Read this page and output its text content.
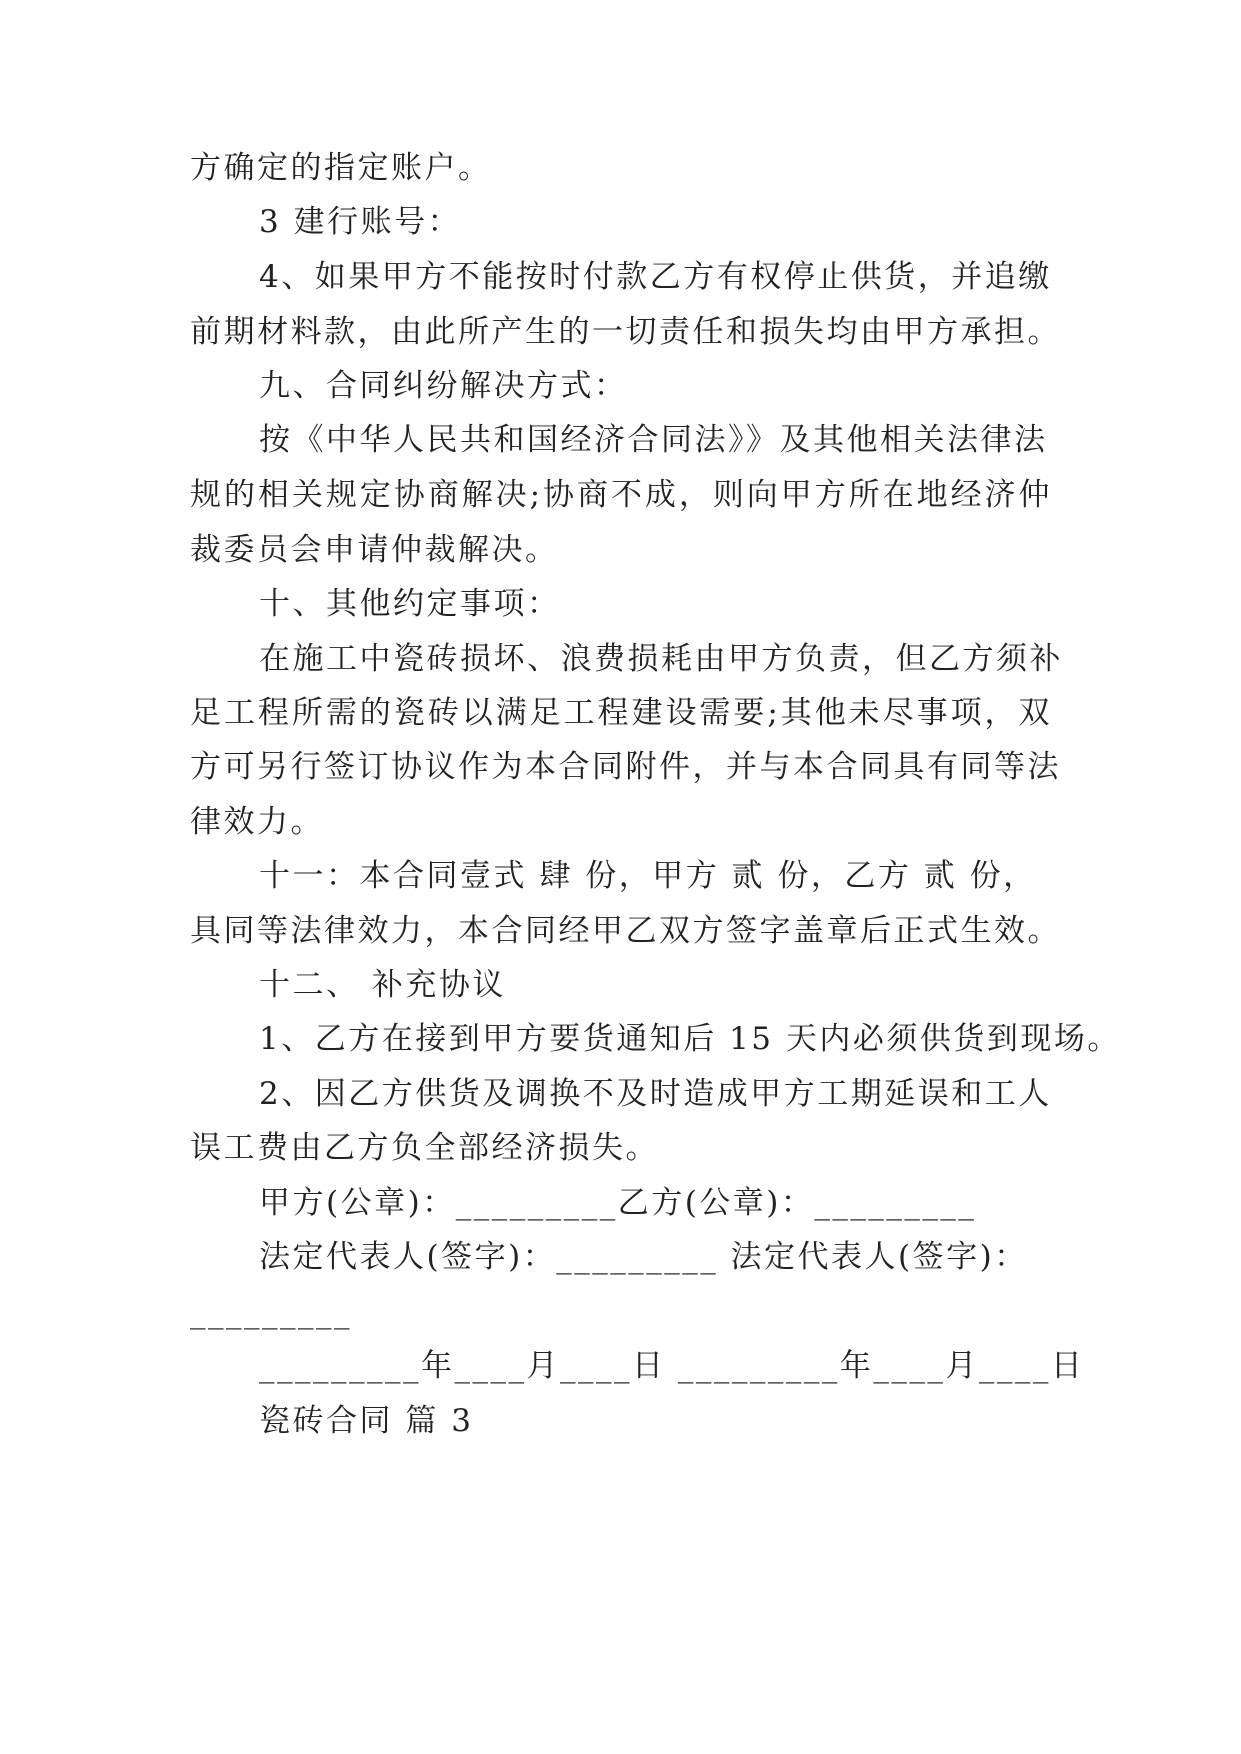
方确定的指定账户。
3 建行账号：
4、如果甲方不能按时付款乙方有权停止供货，并追缴
前期材料款，由此所产生的一切责任和损失均由甲方承担。
九、合同纠纷解决方式：
按《中华人民共和国经济合同法》》及其他相关法律法
规的相关规定协商解决;协商不成，则向甲方所在地经济仲
裁委员会申请仲裁解决。
十、其他约定事项：
在施工中瓷砖损坏、浪费损耗由甲方负责，但乙方须补
足工程所需的瓷砖以满足工程建设需要;其他未尽事项，双
方可另行签订协议作为本合同附件，并与本合同具有同等法
律效力。
十一：本合同壹式 肆 份，甲方 贰 份，乙方 贰 份，
具同等法律效力，本合同经甲乙双方签字盖章后正式生效。
十二、 补充协议
1、乙方在接到甲方要货通知后 15 天内必须供货到现场。
2、因乙方供货及调换不及时造成甲方工期延误和工人
误工费由乙方负全部经济损失。
甲方(公章)：_________乙方(公章)：_________
法定代表人(签字)：_________ 法定代表人(签字)：
_________
_________年____月____日 _________年____月____日
瓷砖合同 篇 3
